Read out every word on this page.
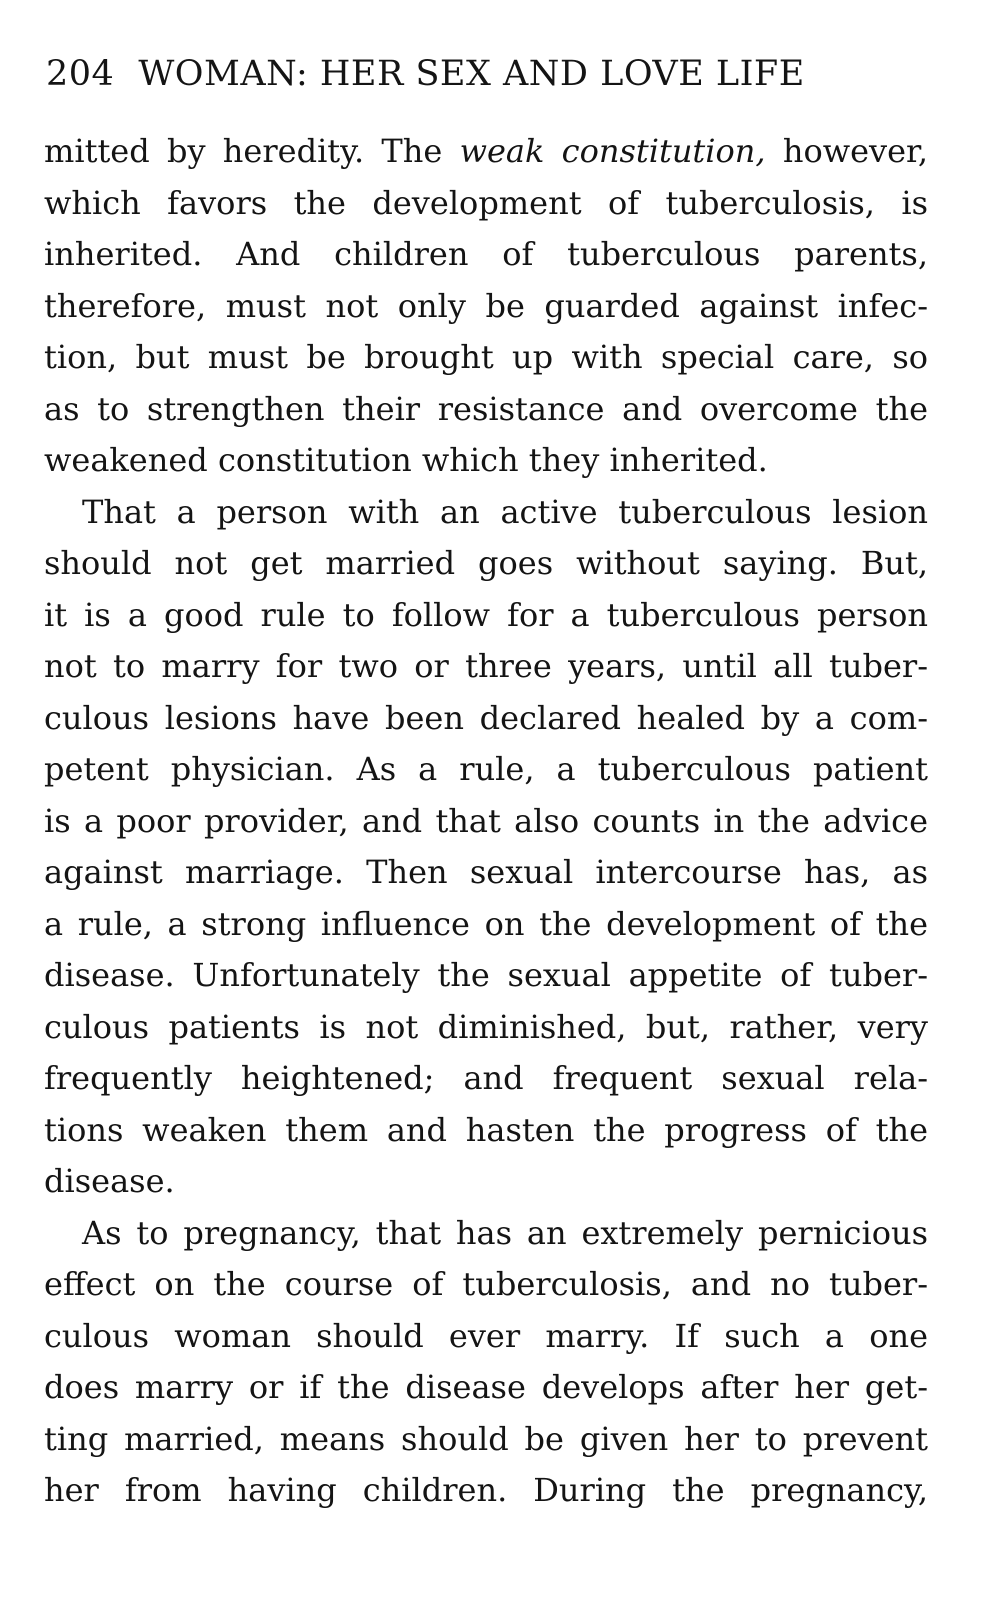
204 WOMAN: HER SEX AND LOVE LIFE
mitted by heredity. The weak constitution, however,
which favors the development of tuberculosis, is
inherited. And children of tuberculous parents,
therefore, must not only be guarded against infec-
tion, but must be brought up with special care, so
as to strengthen their resistance and overcome the
weakened constitution which they inherited.
That a person with an active tuberculous lesion
should not get married goes without saying. But,
it is a good rule to follow for a tuberculous person
not to marry for two or three years, until all tuber-
culous lesions have been declared healed by a com-
petent physician. As a rule, a tuberculous patient
is a poor provider, and that also counts in the advice
against marriage. Then sexual intercourse has, as
a rule, a strong influence on the development of the
disease. Unfortunately the sexual appetite of tuber-
culous patients is not diminished, but, rather, very
frequently heightened; and frequent sexual rela-
tions weaken them and hasten the progress of the
disease.
As to pregnancy, that has an extremely pernicious
effect on the course of tuberculosis, and no tuber-
culous woman should ever marry. If such a one
does marry or if the disease develops after her get-
ting married, means should be given her to prevent
her from having children. During the pregnancy,
